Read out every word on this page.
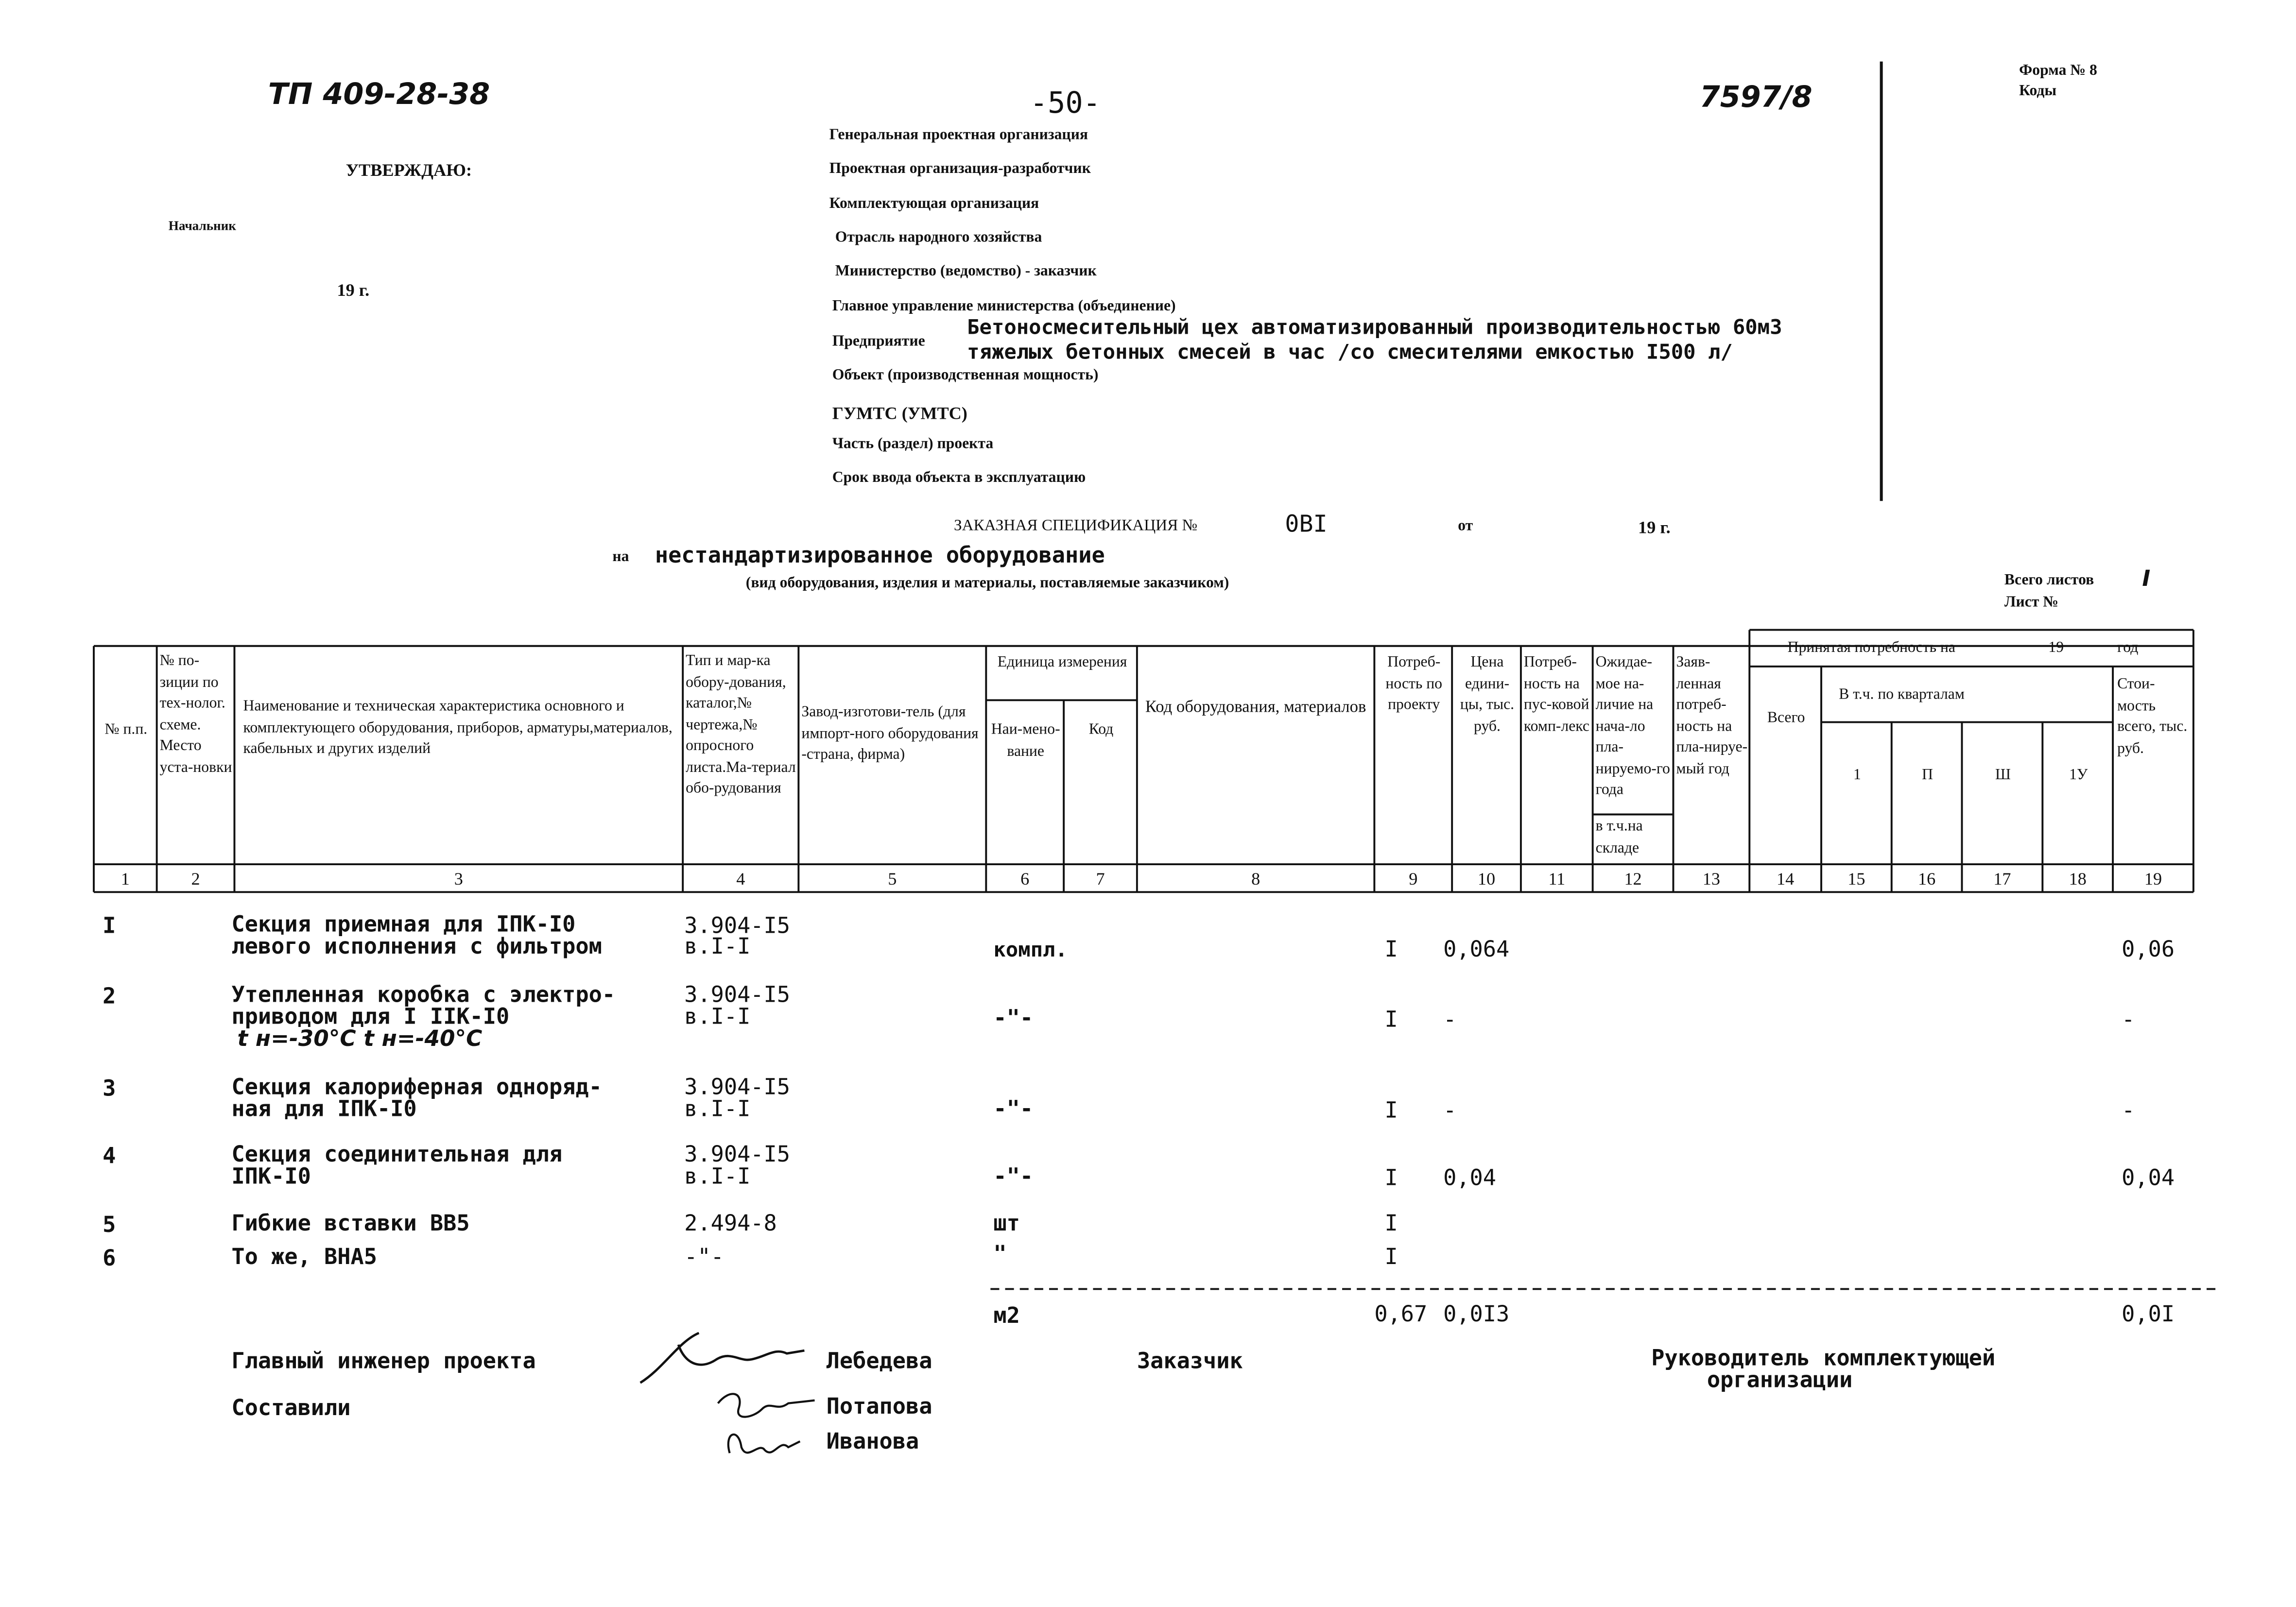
ТП 409-28-38	-50-	7597/8
Форма № 8
Коды
УТВЕРЖДАЮ:
Начальник
19 г.
Генеральная проектная организация
Проектная организация-разработчик
Комплектующая организация
Отрасль народного хозяйства
Министерство (ведомство) - заказчик
Главное управление министерства (объединение)
Предприятие
Бетоносмесительный цех автоматизированный производительностью 60м3
тяжелых бетонных смесей в час /со смесителями емкостью I500 л/
Объект (производственная мощность)
ГУМТС (УМТС)
Часть (раздел) проекта
Срок ввода объекта в эксплуатацию
ЗАКАЗНАЯ СПЕЦИФИКАЦИЯ №	0BI	от	19 г.
на	нестандартизированное оборудование
(вид оборудования, изделия и материалы, поставляемые заказчиком)	Всего листов	I
Лист №
№ п.п.
№ по-зиции по тех-нолог. схеме. Место уста-новки
Наименование и техническая характеристика основного и комплектующего оборудования, приборов, арматуры,материалов, кабельных и других изделий
Тип и мар-ка обору-дования, каталог,№ чертежа,№ опросного листа.Ма-териал обо-рудования
Завод-изготови-тель (для импорт-ного оборудования -страна, фирма)
Единица измерения
Наи-мено-вание
Код
Код оборудования, материалов
Потреб-ность по проекту
Цена едини-цы, тыс. руб.
Потреб-ность на пус-ковой комп-лекс
Ожидае-мое на-личие на нача-ло пла-нируемо-го года
в т.ч.на складе
Заяв-ленная потреб-ность на пла-нируе-мый год
Принятая потребность на	19	год
Всего
В т.ч. по кварталам
1	П	Ш	1У
Стои-мость всего, тыс. руб.
1	2	3	4	5	6	7	8	9	10	11	12	13	14	15	16	17	18	19
I	Секция приемная для IПК-I0
левого исполнения с фильтром
3.904-I5
в.I-I	компл.	I	0,064	0,06
2	Утепленная коробка с электро-
приводом для I IIК-I0
t н=-30°С t н=-40°С
3.904-I5
в.I-I	-"-	I	-	-
3	Секция калориферная однoряд-
ная для IПК-I0
3.904-I5
в.I-I	-"-	I	-	-
4	Секция соединительная для
IПК-I0
3.904-I5
в.I-I	-"-	I	0,04	0,04
5	Гибкие вставки ВВ5	2.494-8	шт	I
6	То же, ВНА5	-"-	"	I
м2	0,67 0,0I3	0,0I
Главный инженер проекта	Лебедева
Составили	Потапова
Иванова
Заказчик	Руководитель комплектующей
организации
